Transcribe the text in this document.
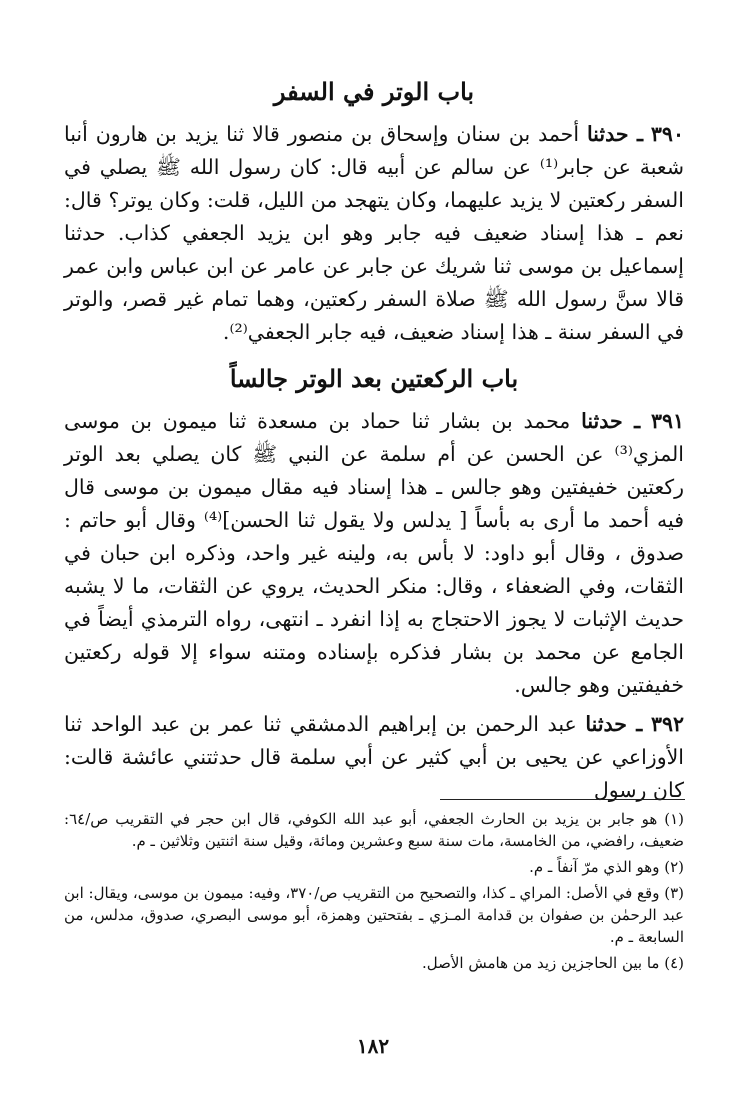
باب الوتر في السفر

٣٩٠ ـ حدثنا أحمد بن سنان وإسحاق بن منصور قالا ثنا يزيد بن هارون أنبا شعبة عن جابر⁽¹⁾ عن سالم عن أبيه قال: كان رسول الله ﷺ يصلي في السفر ركعتين لا يزيد عليهما، وكان يتهجد من الليل، قلت: وكان يوتر؟ قال: نعم ـ هذا إسناد ضعيف فيه جابر وهو ابن يزيد الجعفي كذاب. حدثنا إسماعيل بن موسى ثنا شريك عن جابر عن عامر عن ابن عباس وابن عمر قالا سنَّ رسول الله ﷺ صلاة السفر ركعتين، وهما تمام غير قصر، والوتر في السفر سنة ـ هذا إسناد ضعيف، فيه جابر الجعفي⁽²⁾.

باب الركعتين بعد الوتر جالساً

٣٩١ ـ حدثنا محمد بن بشار ثنا حماد بن مسعدة ثنا ميمون بن موسى المزي⁽³⁾ عن الحسن عن أم سلمة عن النبي ﷺ كان يصلي بعد الوتر ركعتين خفيفتين وهو جالس ـ هذا إسناد فيه مقال ميمون بن موسى قال فيه أحمد ما أرى به بأساً [ يدلس ولا يقول ثنا الحسن]⁽⁴⁾ وقال أبو حاتم : صدوق ، وقال أبو داود: لا بأس به، ولينه غير واحد، وذكره ابن حبان في الثقات، وفي الضعفاء ، وقال: منكر الحديث، يروي عن الثقات، ما لا يشبه حديث الإثبات لا يجوز الاحتجاج به إذا انفرد ـ انتهى، رواه الترمذي أيضاً في الجامع عن محمد بن بشار فذكره بإسناده ومتنه سواء إلا قوله ركعتين خفيفتين وهو جالس.

٣٩٢ ـ حدثنا عبد الرحمن بن إبراهيم الدمشقي ثنا عمر بن عبد الواحد ثنا الأوزاعي عن يحيى بن أبي كثير عن أبي سلمة قال حدثتني عائشة قالت: كان رسول

(١) هو جابر بن يزيد بن الحارث الجعفي، أبو عبد الله الكوفي، قال ابن حجر في التقريب ص/٦٤: ضعيف، رافضي، من الخامسة، مات سنة سبع وعشرين ومائة، وقيل سنة اثنتين وثلاثين ـ م.

(٢) وهو الذي مرّ آنفاً ـ م.

(٣) وقع في الأصل: المراي ـ كذا، والتصحيح من التقريب ص/٣٧٠، وفيه: ميمون بن موسى، ويقال: ابن عبد الرحمٰن بن صفوان بن قدامة المـزي ـ بفتحتين وهمزة، أبو موسى البصري، صدوق، مدلس، من السابعة ـ م.

(٤) ما بين الحاجزين زيد من هامش الأصل.

١٨٢
